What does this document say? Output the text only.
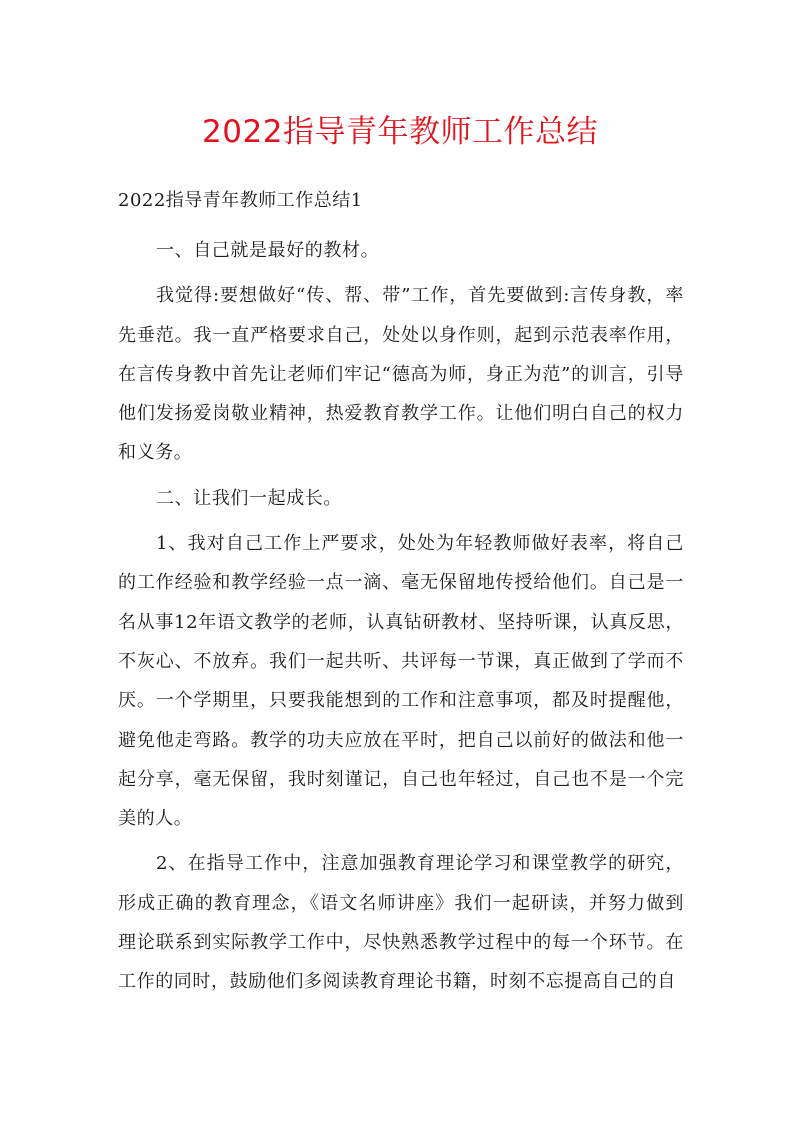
2022指导青年教师工作总结

2022指导青年教师工作总结1

一、自己就是最好的教材。

我觉得:要想做好“传、帮、带”工作，首先要做到:言传身教，率先垂范。我一直严格要求自己，处处以身作则，起到示范表率作用，在言传身教中首先让老师们牢记“德高为师，身正为范”的训言，引导他们发扬爱岗敬业精神，热爱教育教学工作。让他们明白自己的权力和义务。

二、让我们一起成长。

1、我对自己工作上严要求，处处为年轻教师做好表率，将自己的工作经验和教学经验一点一滴、毫无保留地传授给他们。自己是一名从事12年语文教学的老师，认真钻研教材、坚持听课，认真反思，不灰心、不放弃。我们一起共听、共评每一节课，真正做到了学而不厌。一个学期里，只要我能想到的工作和注意事项，都及时提醒他，避免他走弯路。教学的功夫应放在平时，把自己以前好的做法和他一起分享，毫无保留，我时刻谨记，自己也年轻过，自己也不是一个完美的人。

2、在指导工作中，注意加强教育理论学习和课堂教学的研究，形成正确的教育理念，《语文名师讲座》我们一起研读，并努力做到理论联系到实际教学工作中，尽快熟悉教学过程中的每一个环节。在工作的同时，鼓励他们多阅读教育理论书籍，时刻不忘提高自己的自
